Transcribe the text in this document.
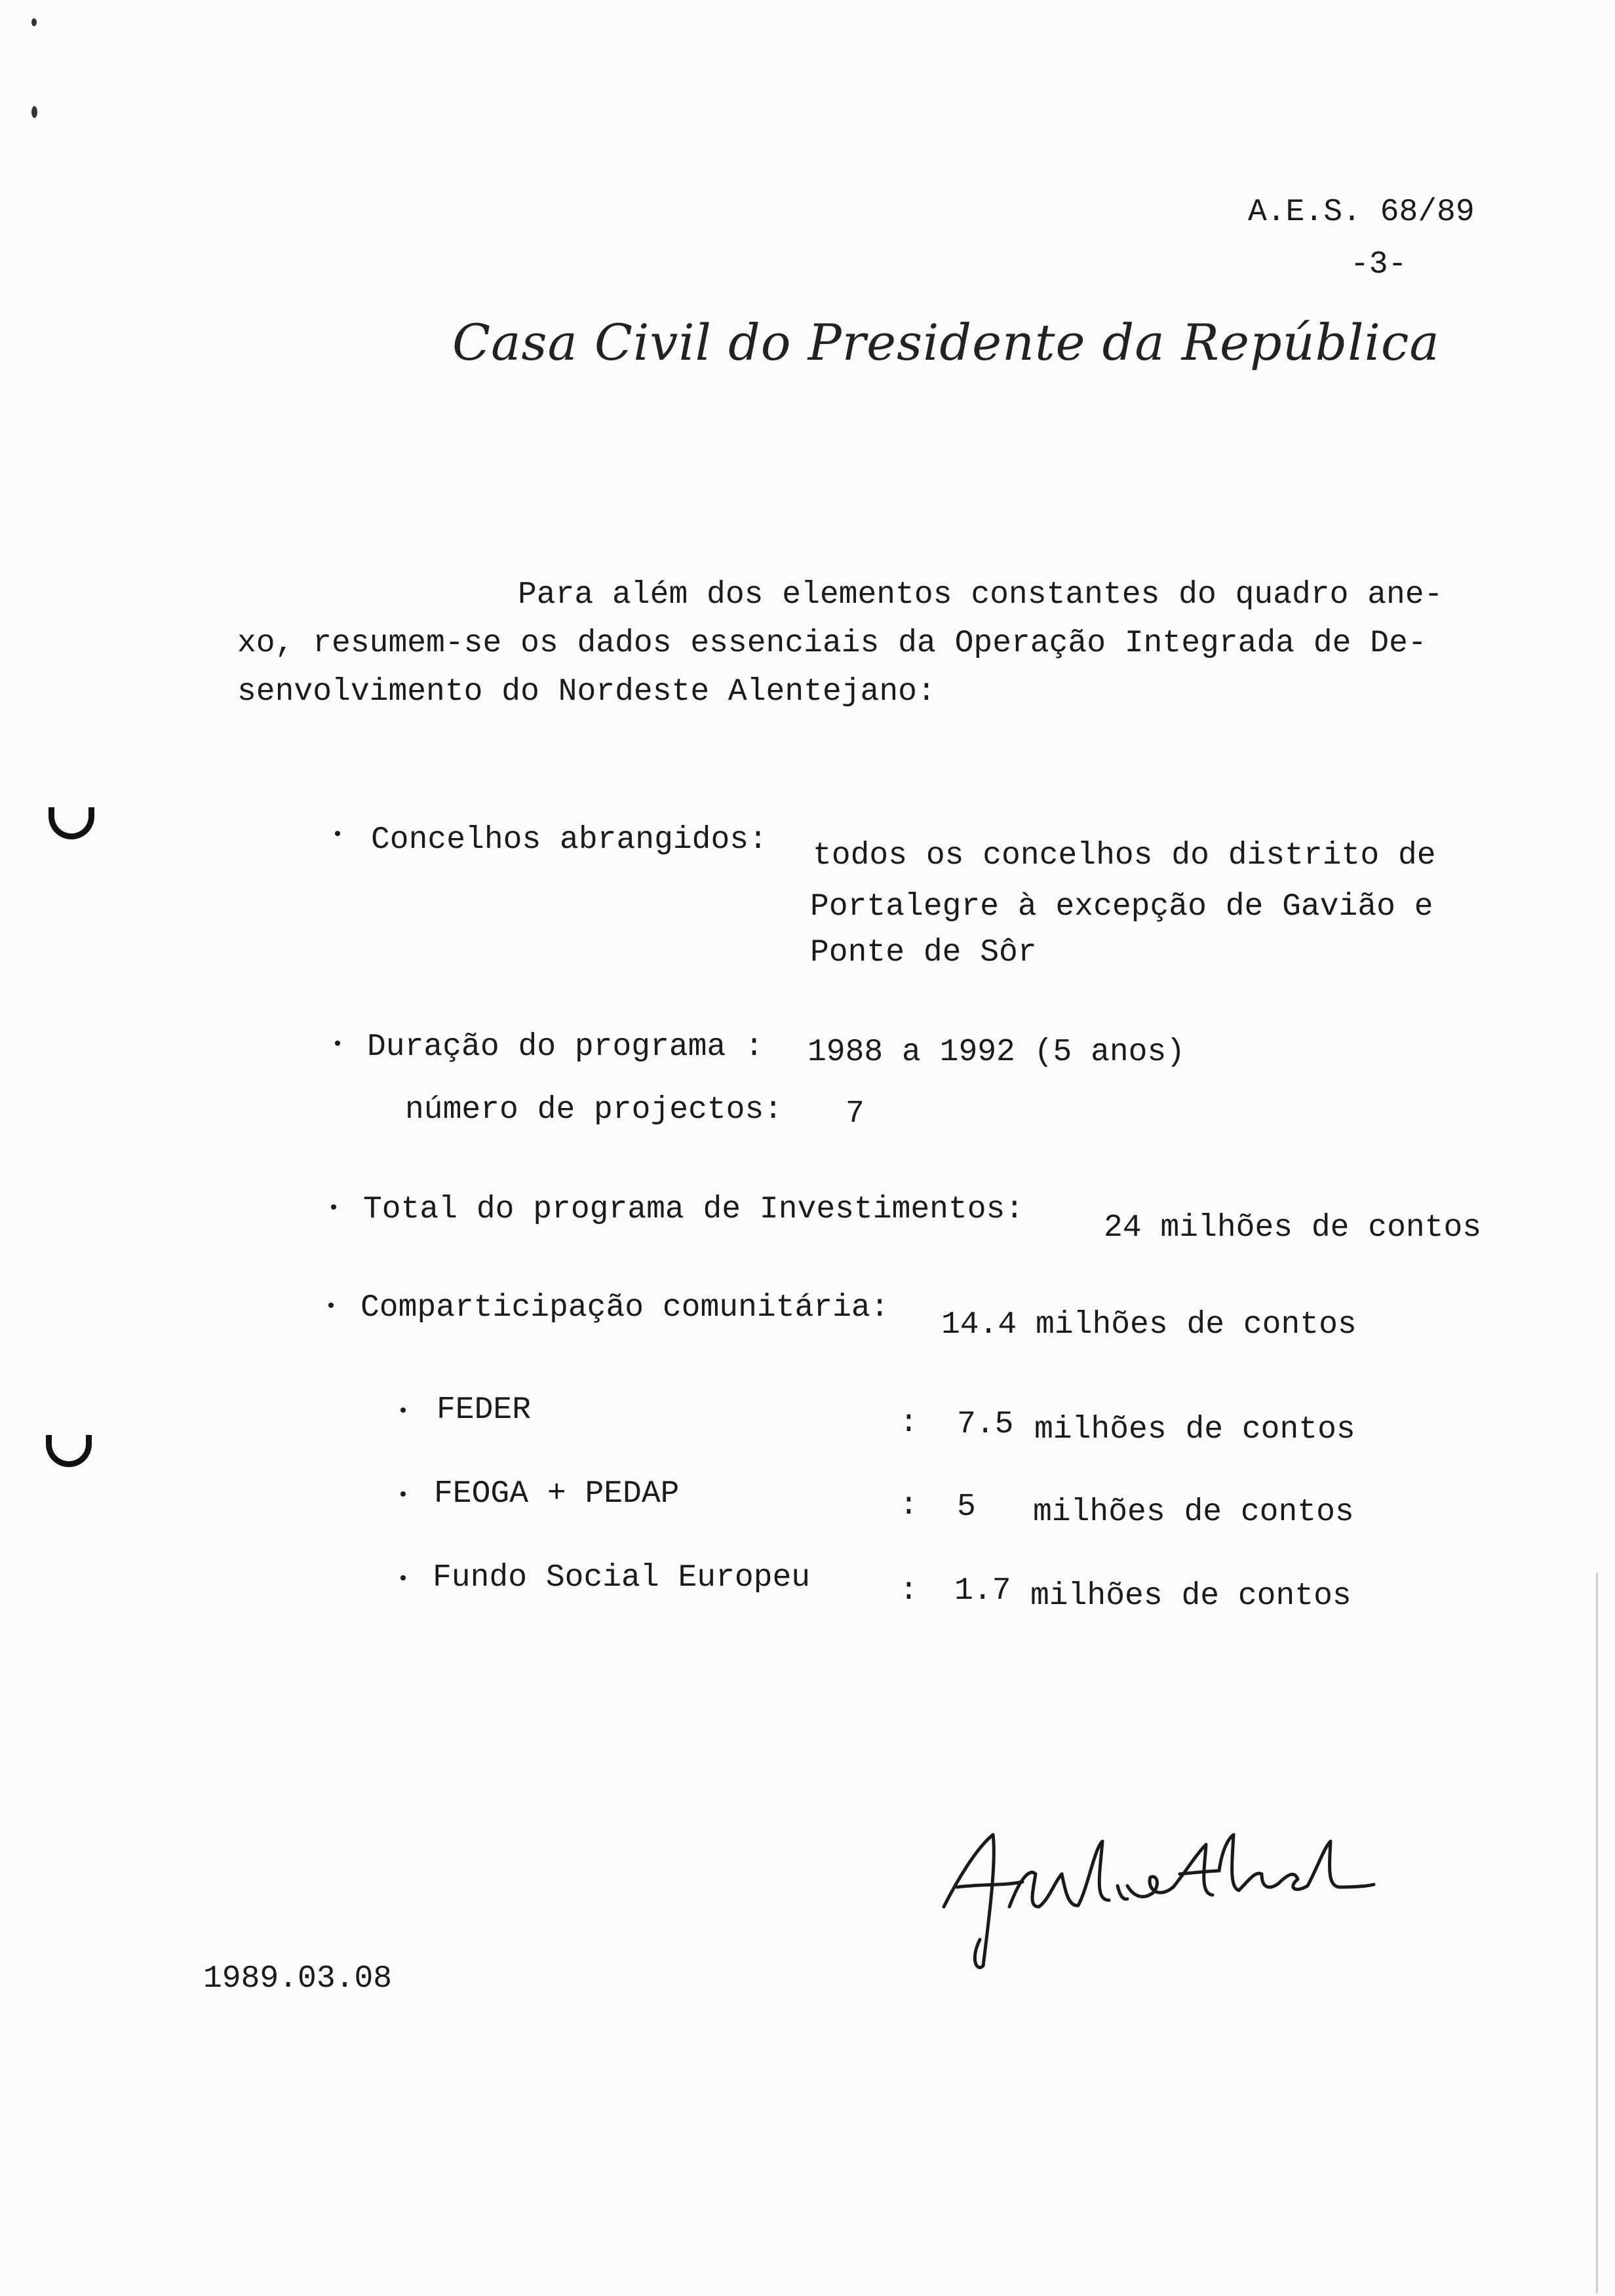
A.E.S. 68/89
-3-
Casa Civil do Presidente da República
Para além dos elementos constantes do quadro ane-
xo, resumem-se os dados essenciais da Operação Integrada de De-
senvolvimento do Nordeste Alentejano:
• Concelhos abrangidos: todos os concelhos do distrito de
Portalegre à excepção de Gavião e
Ponte de Sôr
• Duração do programa : 1988 a 1992 (5 anos)
número de projectos: 7
• Total do programa de Investimentos:
24 milhões de contos
• Comparticipação comunitária: 14.4 milhões de contos
• FEDER	: 7.5 milhões de contos
• FEOGA + PEDAP	: 5 milhões de contos
• Fundo Social Europeu	: 1.7 milhões de contos
1989.03.08
